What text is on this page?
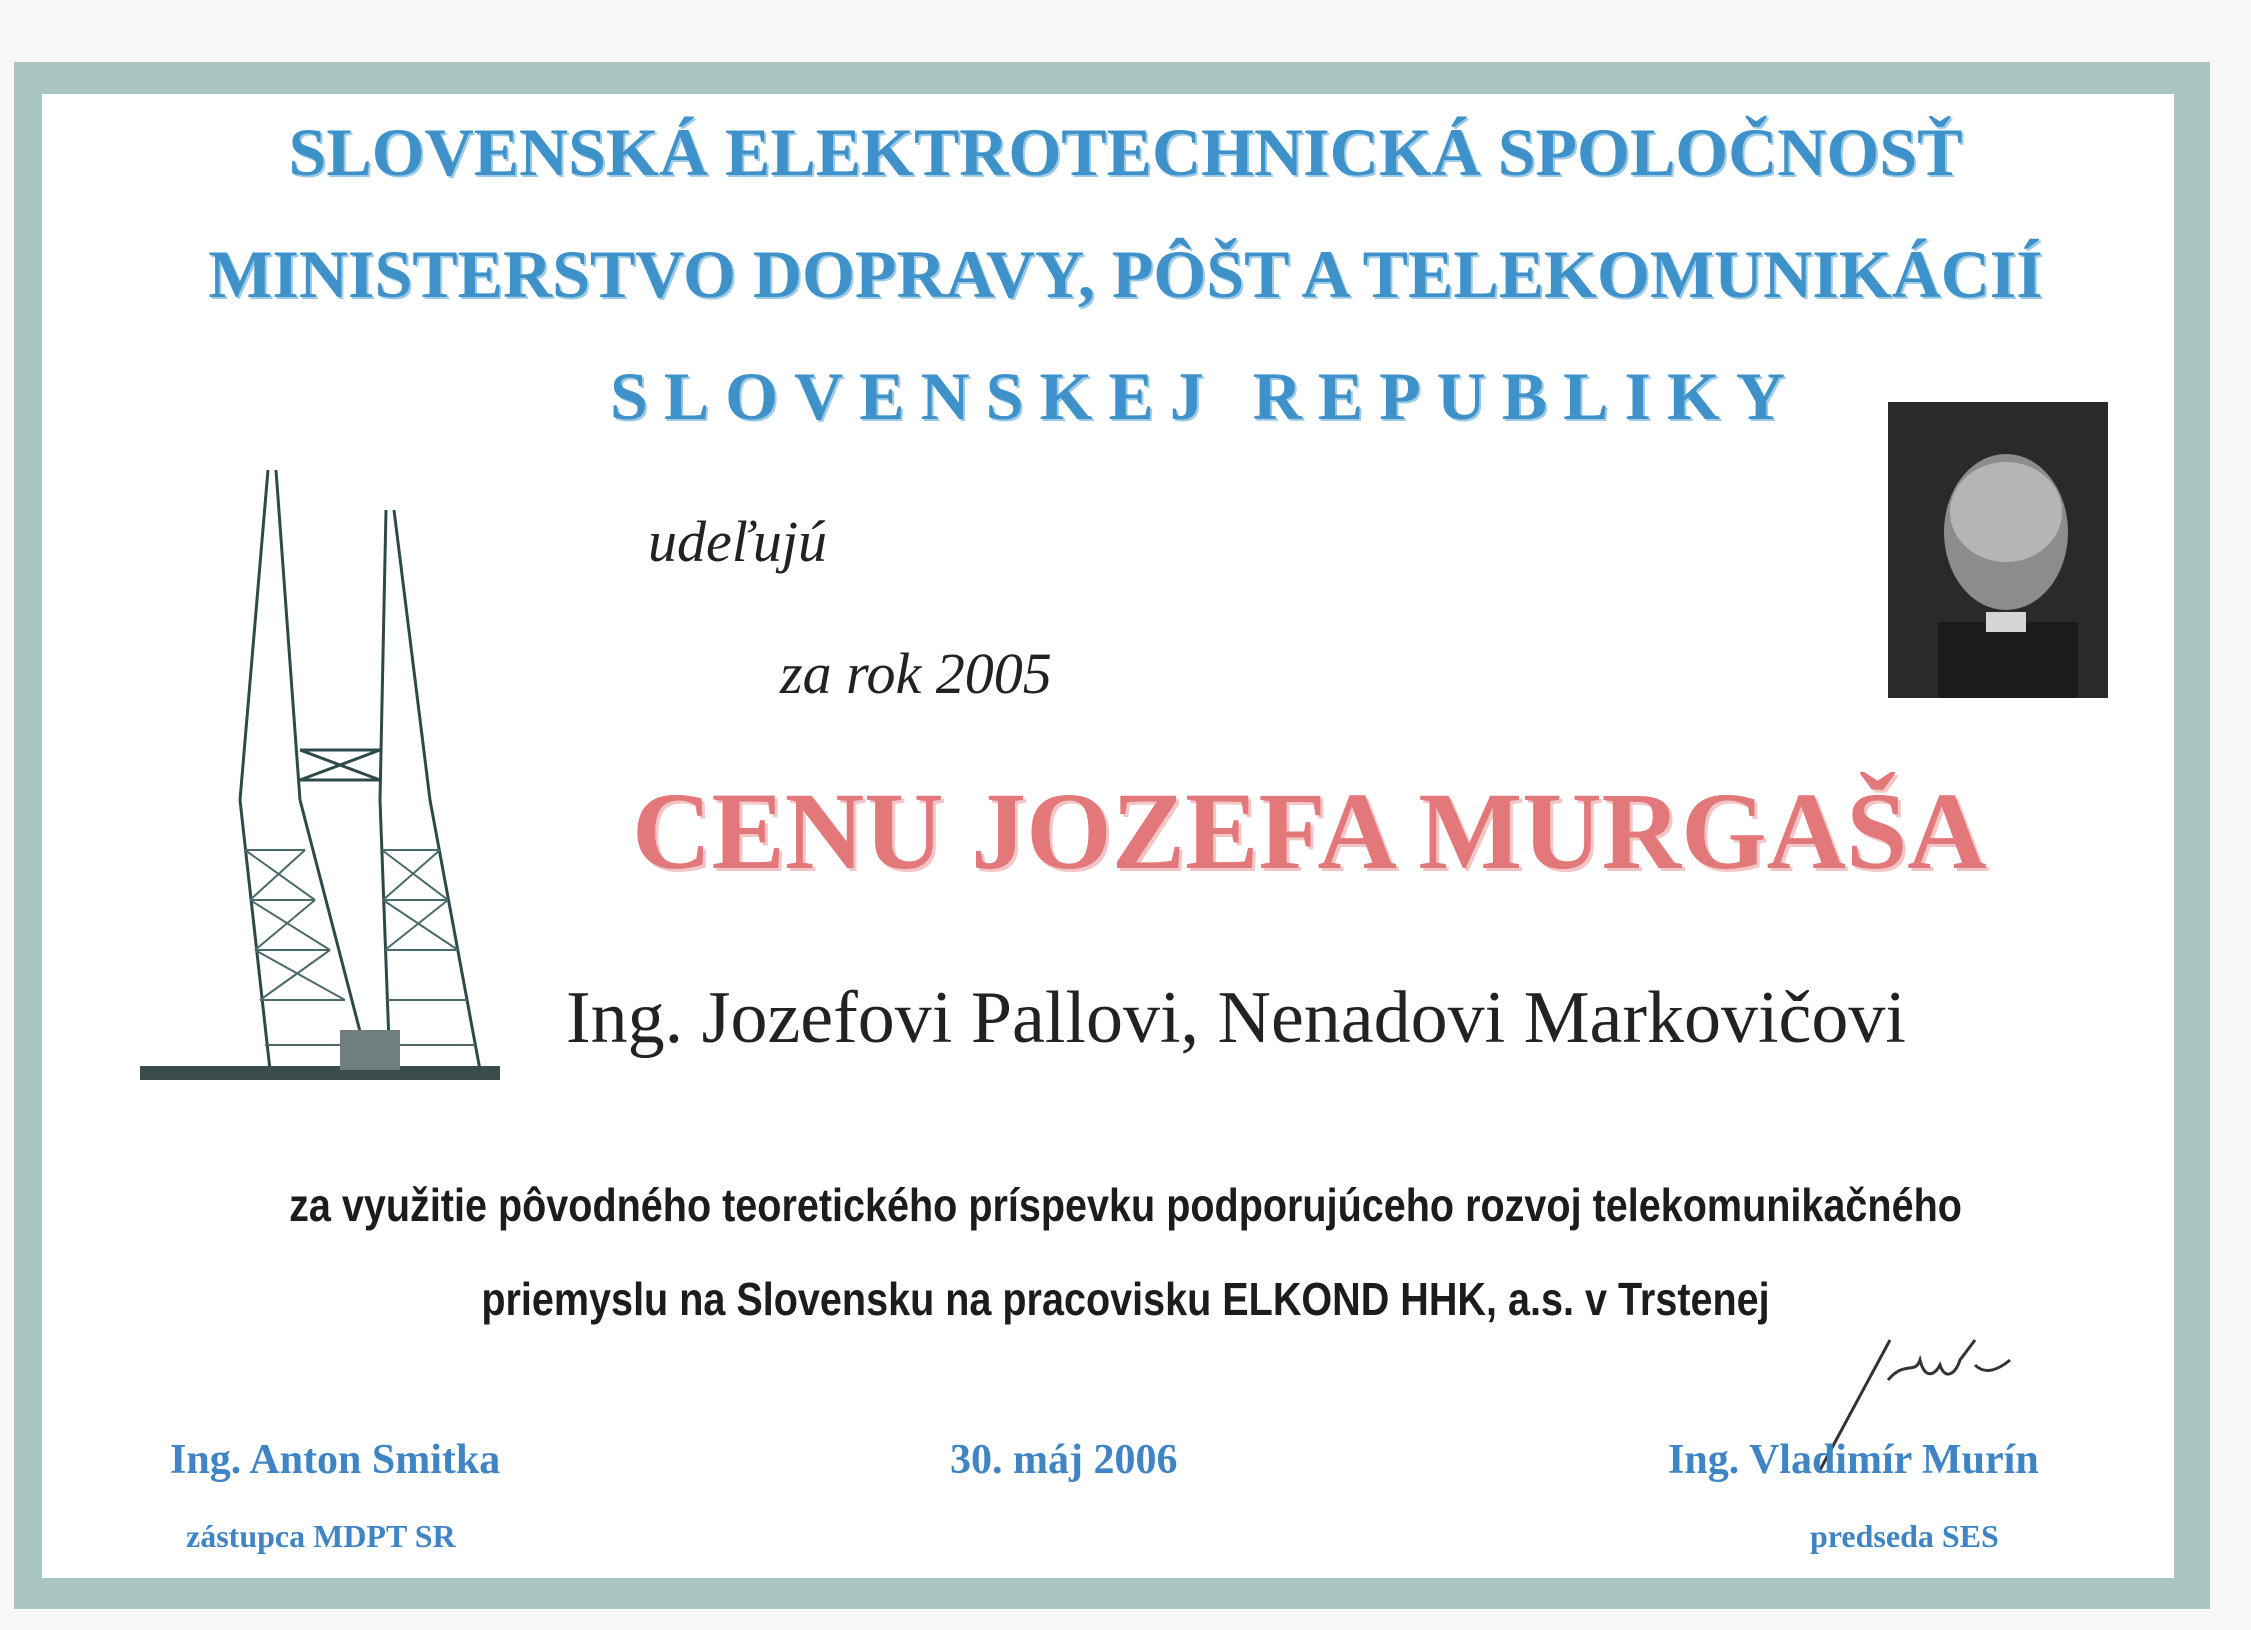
SLOVENSKÁ ELEKTROTECHNICKÁ SPOLOČNOSŤ
MINISTERSTVO DOPRAVY, PÔŠT A TELEKOMUNIKÁCIÍ
SLOVENSKEJ REPUBLIKY
udeľujú
za rok 2005
CENU JOZEFA MURGAŠA
Ing. Jozefovi Pallovi, Nenadovi Markovičovi
za využitie pôvodného teoretického príspevku podporujúceho rozvoj telekomunikačného
priemyslu na Slovensku na pracovisku ELKOND HHK, a.s. v Trstenej
Ing. Anton Smitka
zástupca MDPT SR
30. máj 2006	Ing. Vladimír Murín
predseda SES
